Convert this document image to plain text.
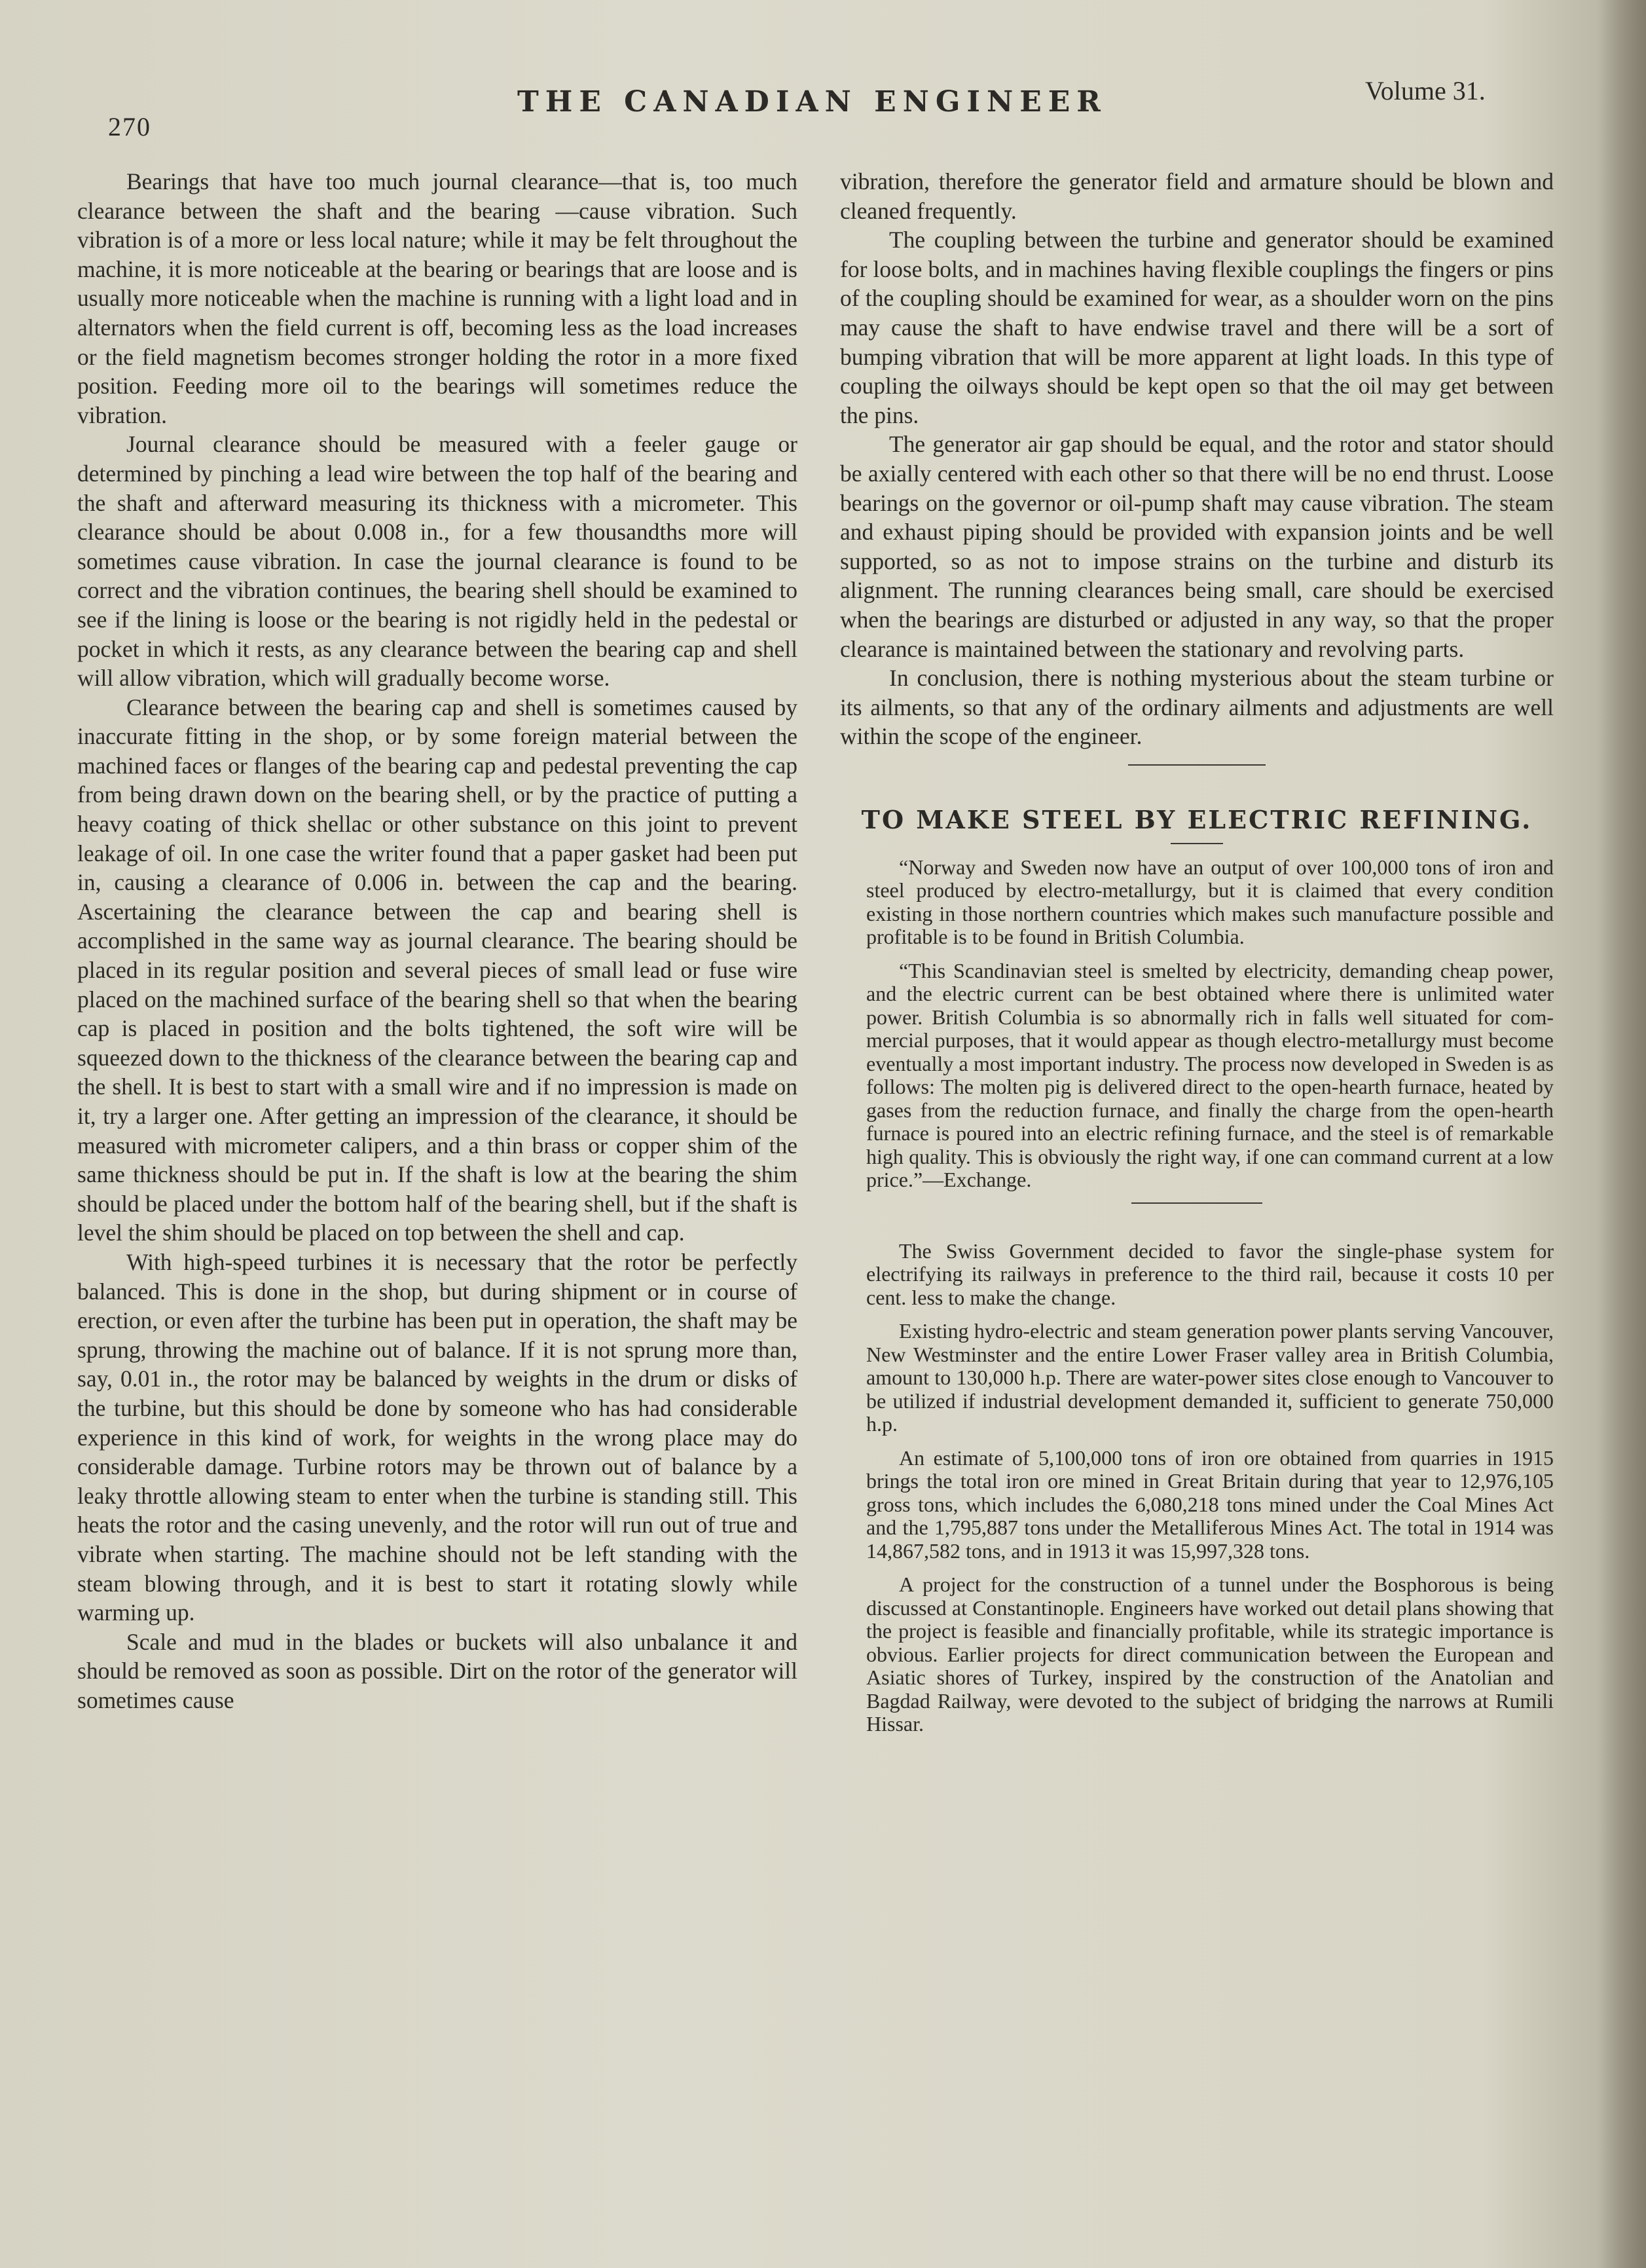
270
THE CANADIAN ENGINEER	Volume 31.

Bearings that have too much journal clearance—that is, too much clearance between the shaft and the bearing —cause vibration. Such vibration is of a more or less local nature; while it may be felt throughout the machine, it is more noticeable at the bearing or bearings that are loose and is usually more noticeable when the machine is running with a light load and in alternators when the field current is off, becoming less as the load increases or the field magnetism becomes stronger holding the rotor in a more fixed position. Feeding more oil to the bearings will sometimes reduce the vibration.

Journal clearance should be measured with a feeler gauge or determined by pinching a lead wire between the top half of the bearing and the shaft and afterward measuring its thickness with a micrometer. This clearance should be about 0.008 in., for a few thousandths more will sometimes cause vibration. In case the journal clearance is found to be correct and the vibration continues, the bearing shell should be examined to see if the lining is loose or the bearing is not rigidly held in the pedestal or pocket in which it rests, as any clearance between the bearing cap and shell will allow vibration, which will gradually become worse.

Clearance between the bearing cap and shell is sometimes caused by inaccurate fitting in the shop, or by some foreign material between the machined faces or flanges of the bearing cap and pedestal preventing the cap from being drawn down on the bearing shell, or by the practice of putting a heavy coating of thick shellac or other substance on this joint to prevent leakage of oil. In one case the writer found that a paper gasket had been put in, causing a clearance of 0.006 in. between the cap and the bearing. Ascertaining the clearance between the cap and bearing shell is accomplished in the same way as journal clearance. The bearing should be placed in its regular position and several pieces of small lead or fuse wire placed on the machined surface of the bearing shell so that when the bearing cap is placed in position and the bolts tightened, the soft wire will be squeezed down to the thickness of the clearance between the bearing cap and the shell. It is best to start with a small wire and if no impression is made on it, try a larger one. After getting an impression of the clearance, it should be measured with micrometer calipers, and a thin brass or copper shim of the same thickness should be put in. If the shaft is low at the bearing the shim should be placed under the bottom half of the bearing shell, but if the shaft is level the shim should be placed on top between the shell and cap.

With high-speed turbines it is necessary that the rotor be perfectly balanced. This is done in the shop, but during shipment or in course of erection, or even after the turbine has been put in operation, the shaft may be sprung, throwing the machine out of balance. If it is not sprung more than, say, 0.01 in., the rotor may be balanced by weights in the drum or disks of the turbine, but this should be done by someone who has had considerable experience in this kind of work, for weights in the wrong place may do considerable damage. Turbine rotors may be thrown out of balance by a leaky throttle allowing steam to enter when the turbine is standing still. This heats the rotor and the casing unevenly, and the rotor will run out of true and vibrate when starting. The machine should not be left standing with the steam blowing through, and it is best to start it rotating slowly while warming up.

Scale and mud in the blades or buckets will also unbalance it and should be removed as soon as possible. Dirt on the rotor of the generator will sometimes cause

vibration, therefore the generator field and armature should be blown and cleaned frequently.

The coupling between the turbine and generator should be examined for loose bolts, and in machines having flexible couplings the fingers or pins of the coupling should be examined for wear, as a shoulder worn on the pins may cause the shaft to have endwise travel and there will be a sort of bumping vibration that will be more apparent at light loads. In this type of coupling the oilways should be kept open so that the oil may get between the pins.

The generator air gap should be equal, and the rotor and stator should be axially centered with each other so that there will be no end thrust. Loose bearings on the governor or oil-pump shaft may cause vibration. The steam and exhaust piping should be provided with expansion joints and be well supported, so as not to impose strains on the turbine and disturb its alignment. The running clearances being small, care should be exercised when the bearings are disturbed or adjusted in any way, so that the proper clearance is maintained between the stationary and revolving parts.

In conclusion, there is nothing mysterious about the steam turbine or its ailments, so that any of the ordinary ailments and adjustments are well within the scope of the engineer.

TO MAKE STEEL BY ELECTRIC REFINING.

“Norway and Sweden now have an output of over 100,000 tons of iron and steel produced by electro-metallurgy, but it is claimed that every condition existing in those northern countries which makes such manufacture possible and profitable is to be found in British Columbia.

“This Scandinavian steel is smelted by electricity, demanding cheap power, and the electric current can be best obtained where there is unlimited water power. British Columbia is so abnormally rich in falls well situated for commercial purposes, that it would appear as though electro-metallurgy must become eventually a most important industry. The process now developed in Sweden is as follows: The molten pig is delivered direct to the open-hearth furnace, heated by gases from the reduction furnace, and finally the charge from the open-hearth furnace is poured into an electric refining furnace, and the steel is of remarkable high quality. This is obviously the right way, if one can command current at a low price.”—Exchange.

The Swiss Government decided to favor the single-phase system for electrifying its railways in preference to the third rail, because it costs 10 per cent. less to make the change.

Existing hydro-electric and steam generation power plants serving Vancouver, New Westminster and the entire Lower Fraser valley area in British Columbia, amount to 130,000 h.p. There are water-power sites close enough to Vancouver to be utilized if industrial development demanded it, sufficient to generate 750,000 h.p.

An estimate of 5,100,000 tons of iron ore obtained from quarries in 1915 brings the total iron ore mined in Great Britain during that year to 12,976,105 gross tons, which includes the 6,080,218 tons mined under the Coal Mines Act and the 1,795,887 tons under the Metalliferous Mines Act. The total in 1914 was 14,867,582 tons, and in 1913 it was 15,997,328 tons.

A project for the construction of a tunnel under the Bosphorous is being discussed at Constantinople. Engineers have worked out detail plans showing that the project is feasible and financially profitable, while its strategic importance is obvious. Earlier projects for direct communication between the European and Asiatic shores of Turkey, inspired by the construction of the Anatolian and Bagdad Railway, were devoted to the subject of bridging the narrows at Rumili Hissar.
